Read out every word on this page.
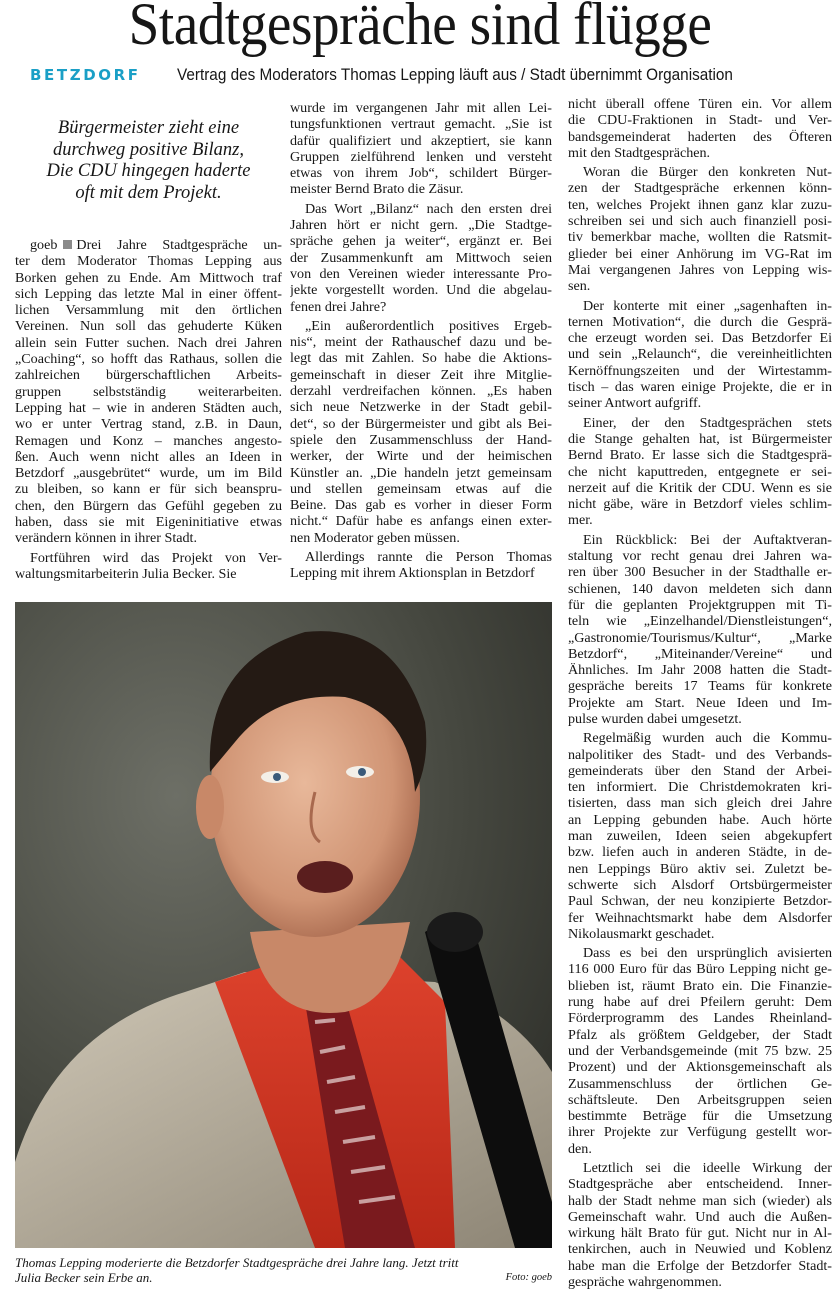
Stadtgespräche sind flügge
BETZDORF Vertrag des Moderators Thomas Lepping läuft aus / Stadt übernimmt Organisation
Bürgermeister zieht eine
durchweg positive Bilanz,
Die CDU hingegen haderte
oft mit dem Projekt.
goeb Drei Jahre Stadtgespräche un-
ter dem Moderator Thomas Lepping aus
Borken gehen zu Ende. Am Mittwoch traf
sich Lepping das letzte Mal in einer öffent-
lichen Versammlung mit den örtlichen
Vereinen. Nun soll das gehuderte Küken
allein sein Futter suchen. Nach drei Jahren
„Coaching“, so hofft das Rathaus, sollen die
zahlreichen bürgerschaftlichen Arbeits-
gruppen selbstständig weiterarbeiten.
Lepping hat – wie in anderen Städten auch,
wo er unter Vertrag stand, z.B. in Daun,
Remagen und Konz – manches angesto-
ßen. Auch wenn nicht alles an Ideen in
Betzdorf „ausgebrütet“ wurde, um im Bild
zu bleiben, so kann er für sich beanspru-
chen, den Bürgern das Gefühl gegeben zu
haben, dass sie mit Eigeninitiative etwas
verändern können in ihrer Stadt.
Fortführen wird das Projekt von Ver-
waltungsmitarbeiterin Julia Becker. Sie
wurde im vergangenen Jahr mit allen Lei-
tungsfunktionen vertraut gemacht. „Sie ist
dafür qualifiziert und akzeptiert, sie kann
Gruppen zielführend lenken und versteht
etwas von ihrem Job“, schildert Bürger-
meister Bernd Brato die Zäsur.
Das Wort „Bilanz“ nach den ersten drei
Jahren hört er nicht gern. „Die Stadtge-
spräche gehen ja weiter“, ergänzt er. Bei
der Zusammenkunft am Mittwoch seien
von den Vereinen wieder interessante Pro-
jekte vorgestellt worden. Und die abgelau-
fenen drei Jahre?
„Ein außerordentlich positives Ergeb-
nis“, meint der Rathauschef dazu und be-
legt das mit Zahlen. So habe die Aktions-
gemeinschaft in dieser Zeit ihre Mitglie-
derzahl verdreifachen können. „Es haben
sich neue Netzwerke in der Stadt gebil-
det“, so der Bürgermeister und gibt als Bei-
spiele den Zusammenschluss der Hand-
werker, der Wirte und der heimischen
Künstler an. „Die handeln jetzt gemeinsam
und stellen gemeinsam etwas auf die
Beine. Das gab es vorher in dieser Form
nicht.“ Dafür habe es anfangs einen exter-
nen Moderator geben müssen.
Allerdings rannte die Person Thomas
Lepping mit ihrem Aktionsplan in Betzdorf
nicht überall offene Türen ein. Vor allem
die CDU-Fraktionen in Stadt- und Ver-
bandsgemeinderat haderten des Öfteren
mit den Stadtgesprächen.
Woran die Bürger den konkreten Nut-
zen der Stadtgespräche erkennen könn-
ten, welches Projekt ihnen ganz klar zuzu-
schreiben sei und sich auch finanziell posi-
tiv bemerkbar mache, wollten die Ratsmit-
glieder bei einer Anhörung im VG-Rat im
Mai vergangenen Jahres von Lepping wis-
sen.
Der konterte mit einer „sagenhaften in-
ternen Motivation“, die durch die Gesprä-
che erzeugt worden sei. Das Betzdorfer Ei
und sein „Relaunch“, die vereinheitlichten
Kernöffnungszeiten und der Wirtestamm-
tisch – das waren einige Projekte, die er in
seiner Antwort aufgriff.
Einer, der den Stadtgesprächen stets
die Stange gehalten hat, ist Bürgermeister
Bernd Brato. Er lasse sich die Stadtgesprä-
che nicht kaputtreden, entgegnete er sei-
nerzeit auf die Kritik der CDU. Wenn es sie
nicht gäbe, wäre in Betzdorf vieles schlim-
mer.
Ein Rückblick: Bei der Auftaktveran-
staltung vor recht genau drei Jahren wa-
ren über 300 Besucher in der Stadthalle er-
schienen, 140 davon meldeten sich dann
für die geplanten Projektgruppen mit Ti-
teln wie „Einzelhandel/Dienstleistungen“,
„Gastronomie/Tourismus/Kultur“, „Marke
Betzdorf“, „Miteinander/Vereine“ und
Ähnliches. Im Jahr 2008 hatten die Stadt-
gespräche bereits 17 Teams für konkrete
Projekte am Start. Neue Ideen und Im-
pulse wurden dabei umgesetzt.
Regelmäßig wurden auch die Kommu-
nalpolitiker des Stadt- und des Verbands-
gemeinderats über den Stand der Arbei-
ten informiert. Die Christdemokraten kri-
tisierten, dass man sich gleich drei Jahre
an Lepping gebunden habe. Auch hörte
man zuweilen, Ideen seien abgekupfert
bzw. liefen auch in anderen Städte, in de-
nen Leppings Büro aktiv sei. Zuletzt be-
schwerte sich Alsdorf Ortsbürgermeister
Paul Schwan, der neu konzipierte Betzdor-
fer Weihnachtsmarkt habe dem Alsdorfer
Nikolausmarkt geschadet.
Dass es bei den ursprünglich avisierten
116 000 Euro für das Büro Lepping nicht ge-
blieben ist, räumt Brato ein. Die Finanzie-
rung habe auf drei Pfeilern geruht: Dem
Förderprogramm des Landes Rheinland-
Pfalz als größtem Geldgeber, der Stadt
und der Verbandsgemeinde (mit 75 bzw. 25
Prozent) und der Aktionsgemeinschaft als
Zusammenschluss der örtlichen Ge-
schäftsleute. Den Arbeitsgruppen seien
bestimmte Beträge für die Umsetzung
ihrer Projekte zur Verfügung gestellt wor-
den.
Letztlich sei die ideelle Wirkung der
Stadtgespräche aber entscheidend. Inner-
halb der Stadt nehme man sich (wieder) als
Gemeinschaft wahr. Und auch die Außen-
wirkung hält Brato für gut. Nicht nur in Al-
tenkirchen, auch in Neuwied und Koblenz
habe man die Erfolge der Betzdorfer Stadt-
gespräche wahrgenommen.
Thomas Lepping moderierte die Betzdorfer Stadtgespräche drei Jahre lang. Jetzt tritt
Julia Becker sein Erbe an.	Foto: goeb
